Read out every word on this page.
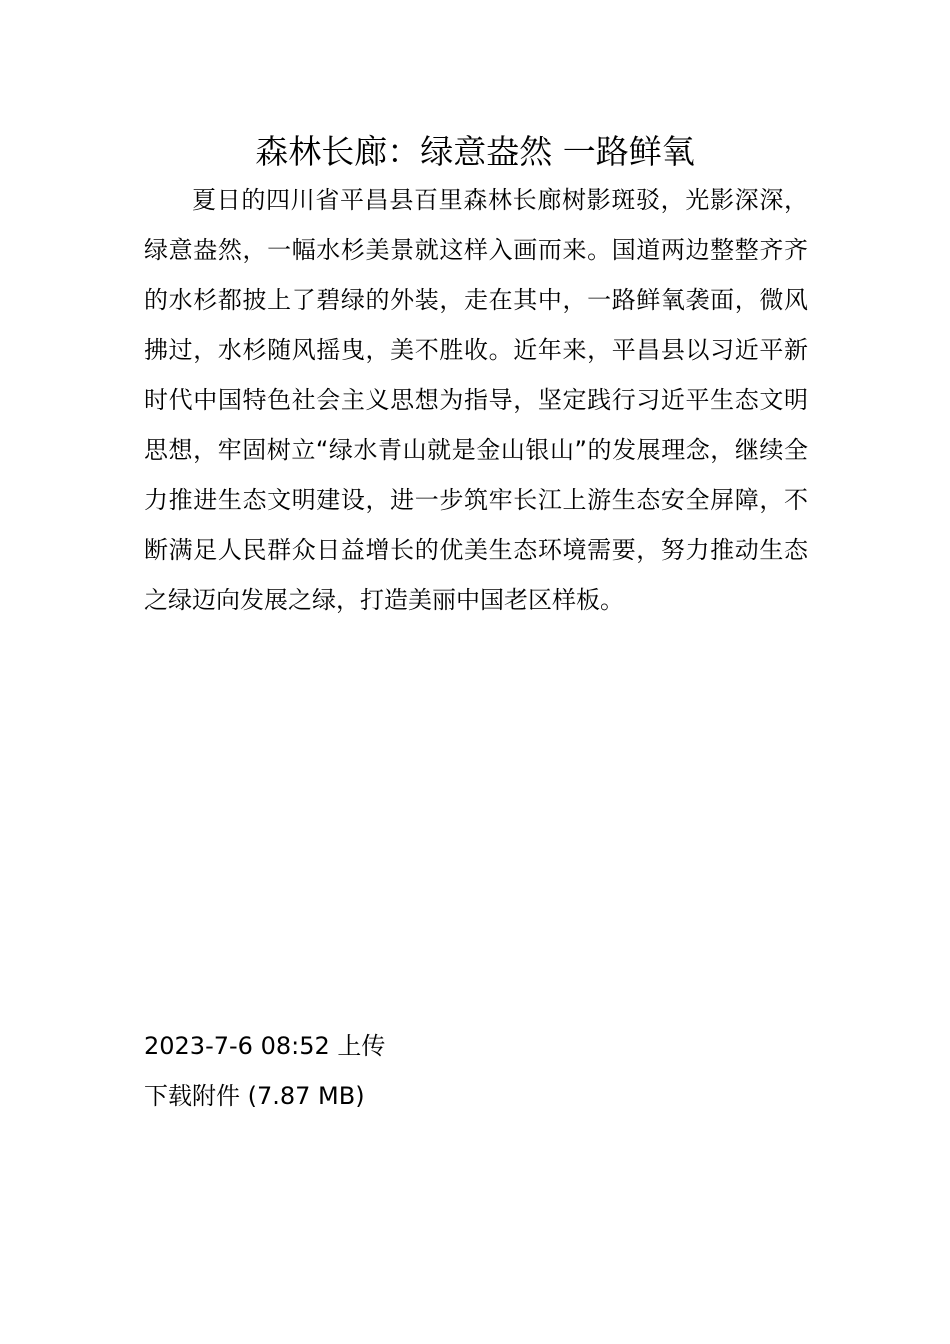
森林长廊：绿意盎然 一路鲜氧

夏日的四川省平昌县百里森林长廊树影斑驳，光影深深，绿意盎然，一幅水杉美景就这样入画而来。国道两边整整齐齐的水杉都披上了碧绿的外装，走在其中，一路鲜氧袭面，微风拂过，水杉随风摇曳，美不胜收。近年来，平昌县以习近平新时代中国特色社会主义思想为指导，坚定践行习近平生态文明思想，牢固树立“绿水青山就是金山银山”的发展理念，继续全力推进生态文明建设，进一步筑牢长江上游生态安全屏障，不断满足人民群众日益增长的优美生态环境需要，努力推动生态之绿迈向发展之绿，打造美丽中国老区样板。

2023-7-6 08:52 上传

下载附件 (7.87 MB)
